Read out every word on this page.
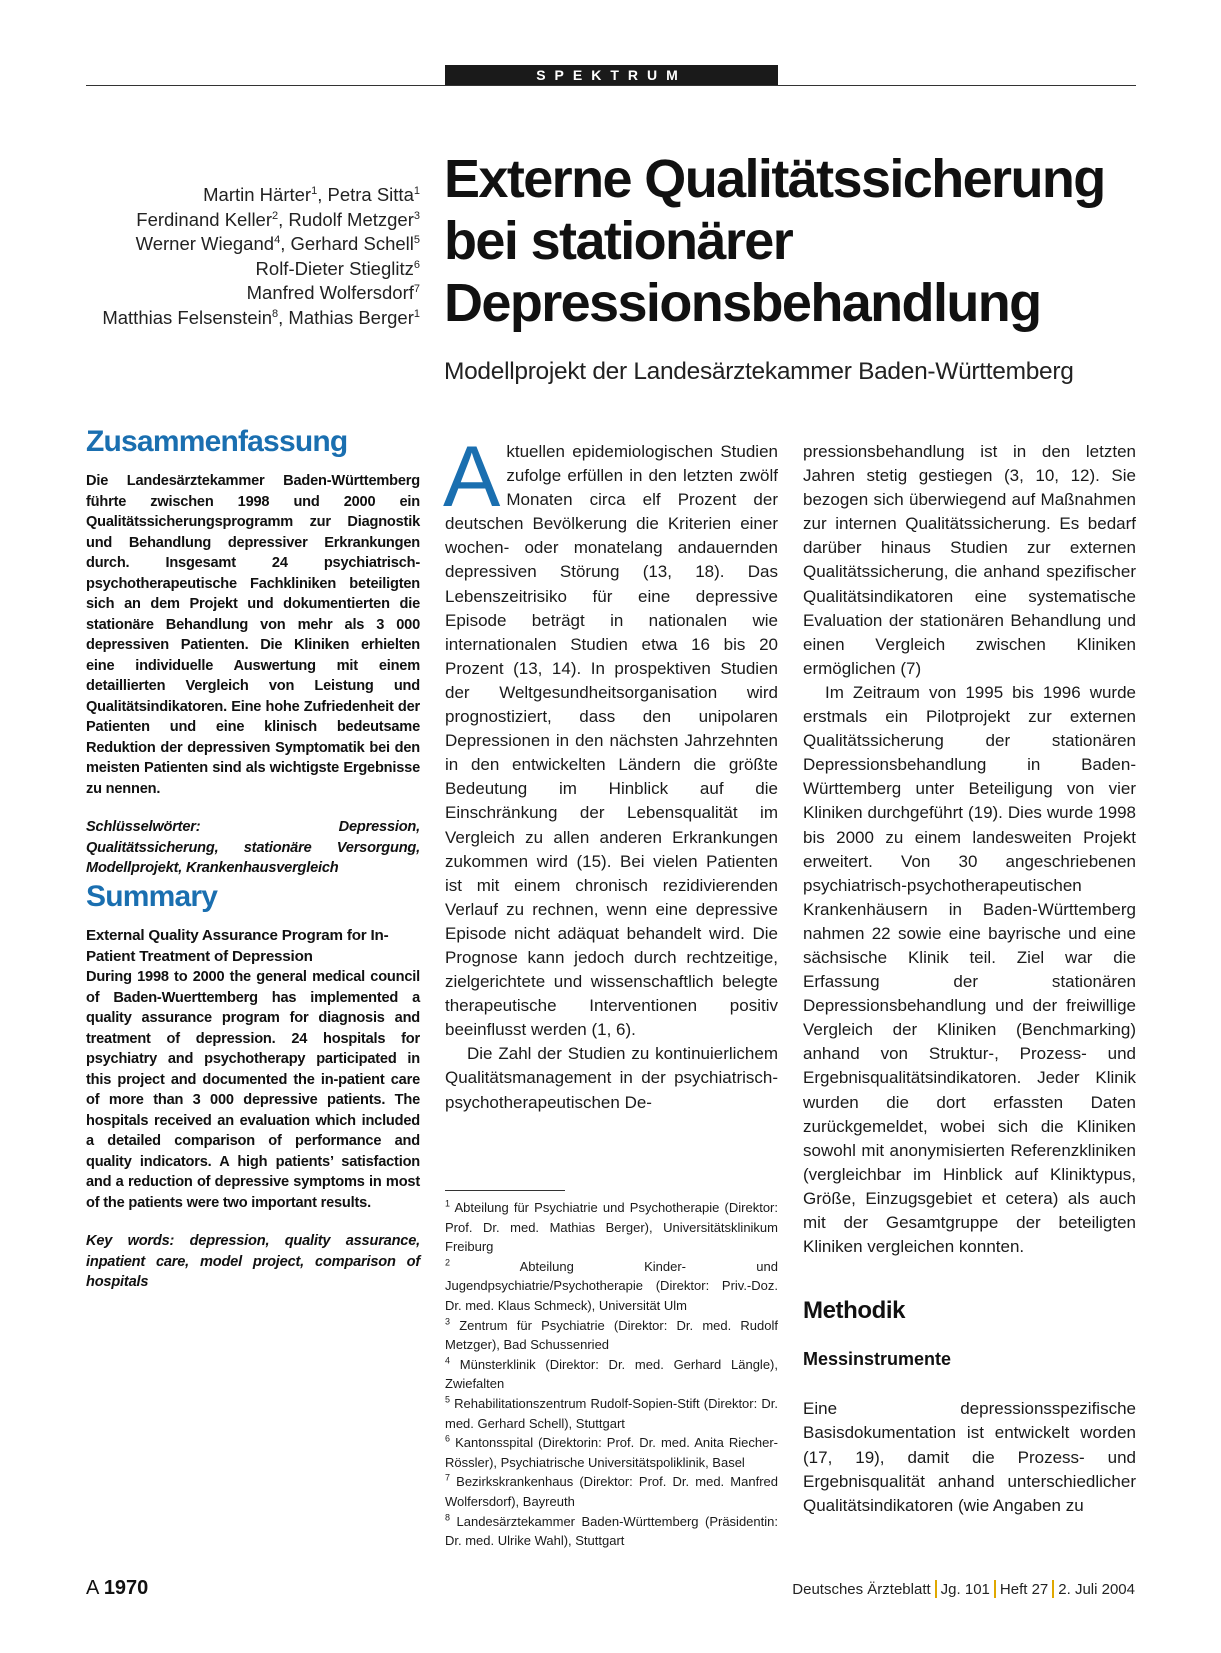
SPEKTRUM
Martin Härter$^1$, Petra Sitta$^1$
Ferdinand Keller$^2$, Rudolf Metzger$^3$
Werner Wiegand$^4$, Gerhard Schell$^5$
Rolf-Dieter Stieglitz$^6$
Manfred Wolfersdorf$^7$
Matthias Felsenstein$^8$, Mathias Berger$^1$
Externe Qualitätssicherung
bei stationärer
Depressionsbehandlung
Modellprojekt der Landesärztekammer Baden-Württemberg
Zusammenfassung

Die Landesärztekammer Baden-Württemberg führte zwischen 1998 und 2000 ein Qualitätssicherungsprogramm zur Diagnostik und Behandlung depressiver Erkrankungen durch. Insgesamt 24 psychiatrisch-psychotherapeutische Fachkliniken beteiligten sich an dem Projekt und dokumentierten die stationäre Behandlung von mehr als 3 000 depressiven Patienten. Die Kliniken erhielten eine individuelle Auswertung mit einem detaillierten Vergleich von Leistung und Qualitätsindikatoren. Eine hohe Zufriedenheit der Patienten und eine klinisch bedeutsame Reduktion der depressiven Symptomatik bei den meisten Patienten sind als wichtigste Ergebnisse zu nennen.

Schlüsselwörter: Depression, Qualitätssicherung, stationäre Versorgung, Modellprojekt, Krankenhausvergleich

Summary

External Quality Assurance Program for In-Patient Treatment of Depression

During 1998 to 2000 the general medical council of Baden-Wuerttemberg has implemented a quality assurance program for diagnosis and treatment of depression. 24 hospitals for psychiatry and psychotherapy participated in this project and documented the in-patient care of more than 3 000 depressive patients. The hospitals received an evaluation which included a detailed comparison of performance and quality indicators. A high patients’ satisfaction and a reduction of depressive symptoms in most of the patients were two important results.

Key words: depression, quality assurance, inpatient care, model project, comparison of hospitals

Aktuellen epidemiologischen Studien zufolge erfüllen in den letzten zwölf Monaten circa elf Prozent der deutschen Bevölkerung die Kriterien einer wochen- oder monatelang andauernden depressiven Störung (13, 18). Das Lebenszeitrisiko für eine depressive Episode beträgt in nationalen wie internationalen Studien etwa 16 bis 20 Prozent (13, 14). In prospektiven Studien der Weltgesundheitsorganisation wird prognostiziert, dass den unipolaren Depressionen in den nächsten Jahrzehnten in den entwickelten Ländern die größte Bedeutung im Hinblick auf die Einschränkung der Lebensqualität im Vergleich zu allen anderen Erkrankungen zukommen wird (15). Bei vielen Patienten ist mit einem chronisch rezidivierenden Verlauf zu rechnen, wenn eine depressive Episode nicht adäquat behandelt wird. Die Prognose kann jedoch durch rechtzeitige, zielgerichtete und wissenschaftlich belegte therapeutische Interventionen positiv beeinflusst werden (1, 6).

Die Zahl der Studien zu kontinuierlichem Qualitätsmanagement in der psychiatrisch-psychotherapeutischen De-

$^1$ Abteilung für Psychiatrie und Psychotherapie (Direktor: Prof. Dr. med. Mathias Berger), Universitätsklinikum Freiburg

$^2$	Abteilung Kinder- und Jugendpsychiatrie/Psychotherapie (Direktor: Priv.-Doz. Dr. med. Klaus Schmeck), Universität Ulm

$^3$ Zentrum für Psychiatrie (Direktor: Dr. med. Rudolf Metzger), Bad Schussenried

$^4$ Münsterklinik (Direktor: Dr. med. Gerhard Längle), Zwiefalten

$^5$ Rehabilitationszentrum Rudolf-Sopien-Stift (Direktor: Dr. med. Gerhard Schell), Stuttgart

$^6$ Kantonsspital (Direktorin: Prof. Dr. med. Anita Riecher-Rössler), Psychiatrische Universitätspoliklinik, Basel

$^7$ Bezirkskrankenhaus (Direktor: Prof. Dr. med. Manfred Wolfersdorf), Bayreuth

$^8$ Landesärztekammer Baden-Württemberg (Präsidentin: Dr. med. Ulrike Wahl), Stuttgart

pressionsbehandlung ist in den letzten Jahren stetig gestiegen (3, 10, 12). Sie bezogen sich überwiegend auf Maßnahmen zur internen Qualitätssicherung. Es bedarf darüber hinaus Studien zur externen Qualitätssicherung, die anhand spezifischer Qualitätsindikatoren eine systematische Evaluation der stationären Behandlung und einen Vergleich zwischen Kliniken ermöglichen (7)

Im Zeitraum von 1995 bis 1996 wurde erstmals ein Pilotprojekt zur externen Qualitätssicherung der stationären Depressionsbehandlung in Baden-Württemberg unter Beteiligung von vier Kliniken durchgeführt (19). Dies wurde 1998 bis 2000 zu einem landesweiten Projekt erweitert. Von 30 angeschriebenen psychiatrisch-psychotherapeutischen Krankenhäusern in Baden-Württemberg nahmen 22 sowie eine bayrische und eine sächsische Klinik teil. Ziel war die Erfassung der stationären Depressionsbehandlung und der freiwillige Vergleich der Kliniken (Benchmarking) anhand von Struktur-, Prozess- und Ergebnisqualitätsindikatoren. Jeder Klinik wurden die dort erfassten Daten zurückgemeldet, wobei sich die Kliniken sowohl mit anonymisierten Referenzkliniken (vergleichbar im Hinblick auf Kliniktypus, Größe, Einzugsgebiet et cetera) als auch mit der Gesamtgruppe der beteiligten Kliniken vergleichen konnten.

Methodik
Messinstrumente

Eine depressionsspezifische Basisdokumentation ist entwickelt worden (17, 19), damit die Prozess- und Ergebnisqualität anhand unterschiedlicher Qualitätsindikatoren (wie Angaben zu

A 1970	Deutsches Ärzteblatt Jg. 101 Heft 27 2. Juli 2004
